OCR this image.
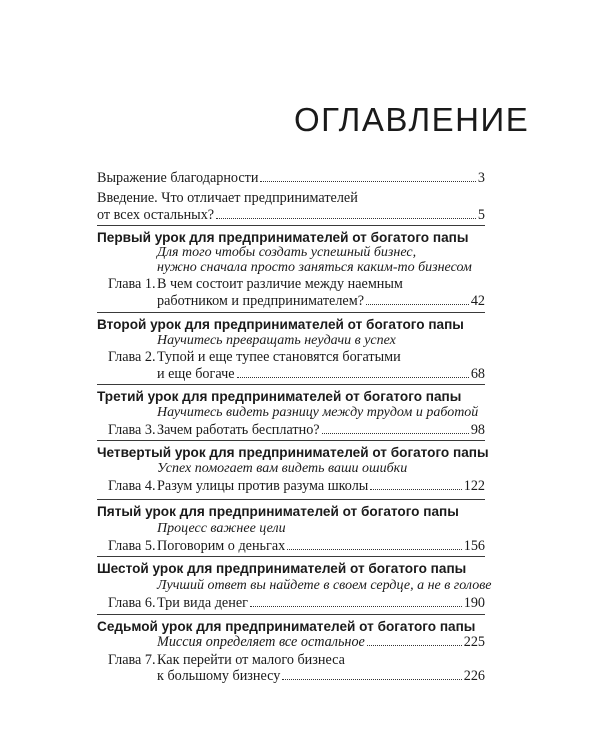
ОГЛАВЛЕНИЕ
Выражение благодарности	3
Введение. Что отличает предпринимателей
от всех остальных?	5
Первый урок для предпринимателей от богатого папы
Для того чтобы создать успешный бизнес,
нужно сначала просто заняться каким-то бизнесом
Глава 1. В чем состоит различие между наемным
работником и предпринимателем?	42
Второй урок для предпринимателей от богатого папы
Научитесь превращать неудачи в успех
Глава 2. Тупой и еще тупее становятся богатыми
и еще богаче	68
Третий урок для предпринимателей от богатого папы
Научитесь видеть разницу между трудом и работой
Глава 3. Зачем работать бесплатно?	98
Четвертый урок для предпринимателей от богатого папы
Успех помогает вам видеть ваши ошибки
Глава 4. Разум улицы против разума школы	122
Пятый урок для предпринимателей от богатого папы
Процесс важнее цели
Глава 5. Поговорим о деньгах	156
Шестой урок для предпринимателей от богатого папы
Лучший ответ вы найдете в своем сердце, а не в голове
Глава 6. Три вида денег	190
Седьмой урок для предпринимателей от богатого папы
Миссия определяет все остальное	225
Глава 7. Как перейти от малого бизнеса
к большому бизнесу	226
